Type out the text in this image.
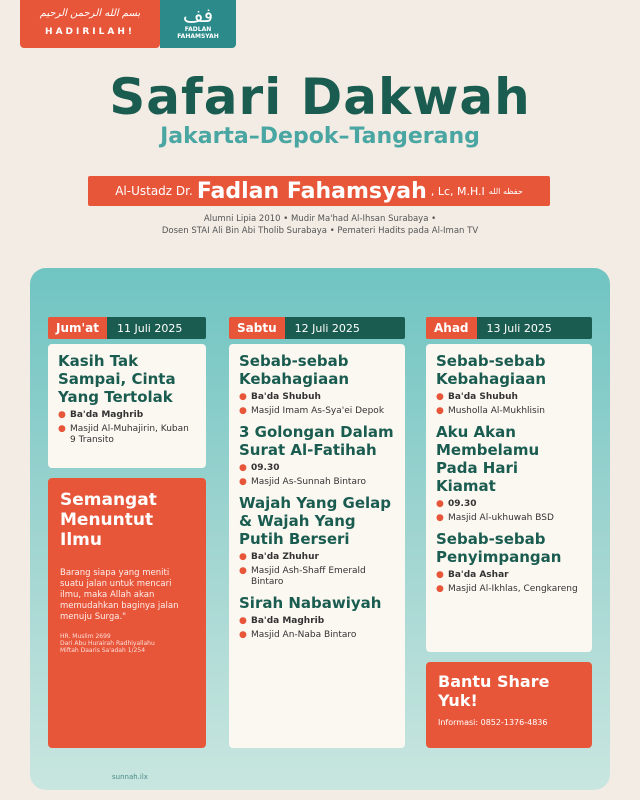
بسم الله الرحمن الرحيم
HADIRILAH!
فف
FADLAN
FAHAMSYAH
Safari Dakwah
Jakarta–Depok–Tangerang
Al-Ustadz Dr. Fadlan Fahamsyah , Lc, M.H.I حفظه الله
Alumni Lipia 2010 • Mudir Ma'had Al-Ihsan Surabaya •
Dosen STAI Ali Bin Abi Tholib Surabaya • Pemateri Hadits pada Al-Iman TV
Jum'at	11 Juli 2025
Kasih Tak Sampai, Cinta Yang Tertolak
● Ba'da Maghrib
● Masjid Al-Muhajirin, Kuban 9 Transito
Semangat Menuntut Ilmu
Barang siapa yang meniti suatu jalan untuk mencari ilmu, maka Allah akan memudahkan baginya jalan menuju Surga."
HR. Muslim 2699
Dari Abu Hurairah Radhiyallahu
Miftah Daaris Sa'adah 1/254
Sabtu	12 Juli 2025
Sebab-sebab Kebahagiaan
● Ba'da Shubuh
● Masjid Imam As-Sya'ei Depok
3 Golongan Dalam Surat Al-Fatihah
● 09.30
● Masjid As-Sunnah Bintaro
Wajah Yang Gelap & Wajah Yang Putih Berseri
● Ba'da Zhuhur
● Masjid Ash-Shaff Emerald Bintaro
Sirah Nabawiyah
● Ba'da Maghrib
● Masjid An-Naba Bintaro
Ahad	13 Juli 2025
Sebab-sebab Kebahagiaan
● Ba'da Shubuh
● Musholla Al-Mukhlisin
Aku Akan Membelamu Pada Hari Kiamat
● 09.30
● Masjid Al-ukhuwah BSD
Sebab-sebab Penyimpangan
● Ba'da Ashar
● Masjid Al-Ikhlas, Cengkareng
Bantu Share Yuk!
Informasi: 0852-1376-4836
sunnah.ilx
